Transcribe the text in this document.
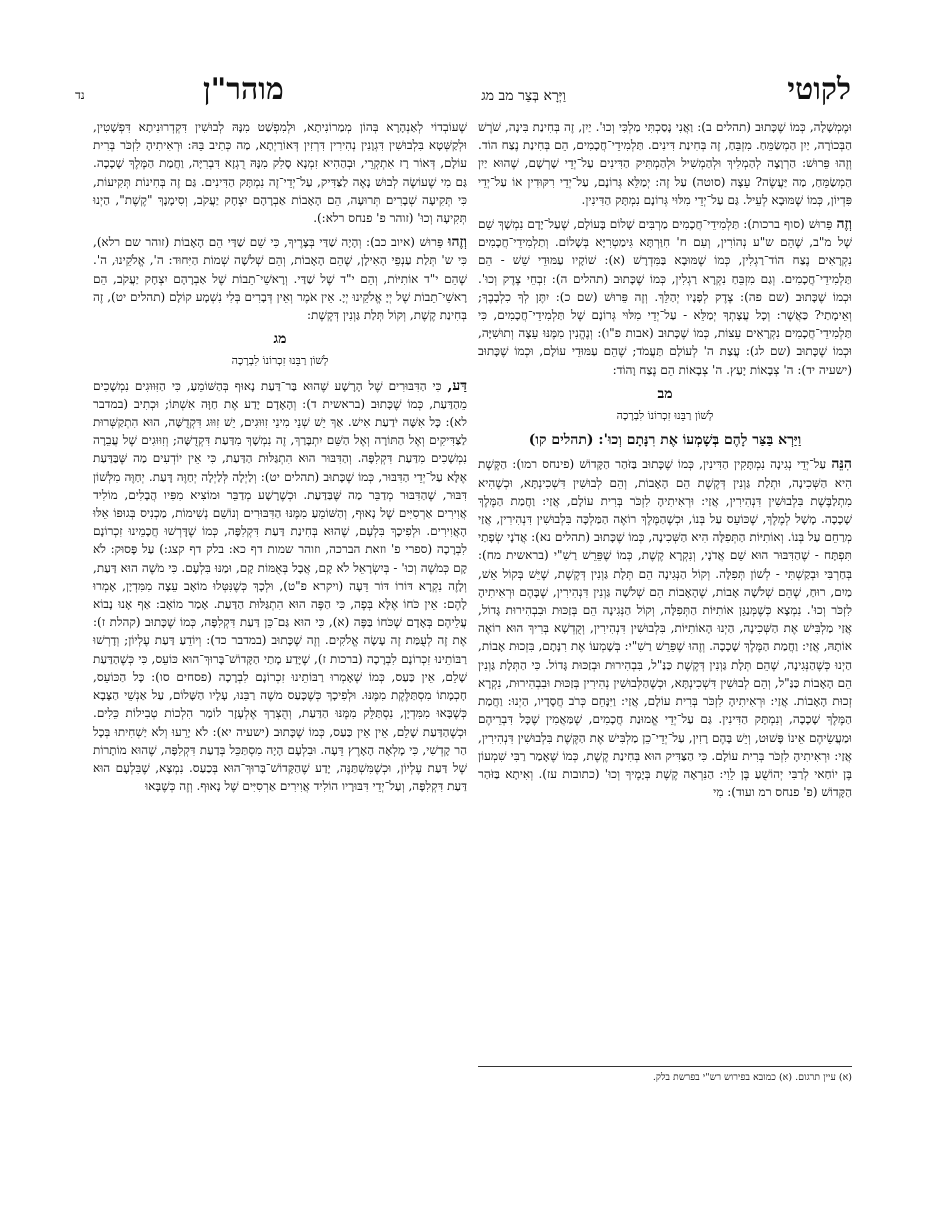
לקוטי
וַיְּרָא בְּצַר מב מג
מוהר"ן
נד

וּמֶמְשָׁלָה, כְּמוֹ שֶׁכָּתוּב (תהלים ב): וַאֲנִי נָסַכְתִּי מַלְכִּי וְכוּ'. יַיִן, זֶה בְּחִינַת בִּינָה, שֹׁרֶשׁ הַבְּכוֹרָה, יַיִן הַמְשַׂמֵּחַ. מִזְבֵּחַ, זֶה בְּחִינַת דִּינִים. תַּלְמִידֵי־חֲכָמִים, הֵם בְּחִינַת נֶצַח הוֹד. וְזֶהוּ פֵּרוּשׁ: הַרְוָצָה לְהַמְלִיךְ וּלְהַמְשִׁיל וּלְהַמְתִּיק הַדִּינִים עַל־יְדֵי שָׁרְשָׁם, שֶׁהוּא יַיִן הַמְשַׂמֵּחַ, מַה יַּעֲשֶׂה? עֵצָה (סוטה) עַל זֶה: יְמַלֵּא גְּרוֹנָם, עַל־יְדֵי רִקּוּדִין אוֹ עַל־יְדֵי פִּדְיוֹן, כְּמוֹ שֶׁמּוּבָא לְעֵיל. גַּם עַל־יְדֵי מִלּוּי גְּרוֹנָם נִמְתָּק הַדִּינִין.

וְזֶה פֵּרוּשׁ (סוף ברכות): תַּלְמִידֵי־חֲכָמִים מַרְבִּים שָׁלוֹם בָּעוֹלָם, שֶׁעַל־יָדָם נִמְשָׁךְ שֵׁם שֶׁל מ"ב, שֶׁהֵם ש"ע נְהוֹרִין, וְעִם ח' חִוַּרְתָּא גִּימַטְרִיָּא בְּשָׁלוֹם. וְתַלְמִידֵי־חֲכָמִים נִקְרָאִים נֶצַח הוֹד־רַגְלִין, כְּמוֹ שֶׁמּוּבָא בַּמִּדְרָשׁ (א): שׁוֹקָיו עַמּוּדֵי שֵׁשׁ - הֵם תַּלְמִידֵי־חֲכָמִים. וְגַם מִזְבֵּחַ נִקְרָא רַגְלִין, כְּמוֹ שֶׁכָּתוּב (תהלים ה): זִבְחֵי צֶדֶק וְכוּ'. וּכְמוֹ שֶׁכָּתוּב (שם פה): צֶדֶק לְפָנָיו יְהַלֵּךְ. וְזֶה פֵּרוּשׁ (שם כ): יִתֶּן לְךָ כִלְבָבֶךָ; וְאֵימָתַי? כַּאֲשֶׁר: וְכָל עֲצָתְךָ יְמַלֵּא - עַל־יְדֵי מִלּוּי גְּרוֹנָם שֶׁל תַּלְמִידֵי־חֲכָמִים, כִּי תַּלְמִידֵי־חֲכָמִים נִקְרָאִים עֵצוֹת, כְּמוֹ שֶׁכָּתוּב (אבות פ"ו): וְנֶהֱנִין מִמֶּנּוּ עֵצָה וְתוּשִׁיָּה, וּכְמוֹ שֶׁכָּתוּב (שם לג): עֲצַת ה' לְעוֹלָם תַּעֲמֹד; שֶׁהֵם עַמּוּדֵי עוֹלָם, וּכְמוֹ שֶׁכָּתוּב (ישעיה יד): ה' צְבָאוֹת יָעַץ. ה' צְבָאוֹת הֵם נֶצַח וָהוֹד:

מב

לְשׁוֹן רַבֵּנוּ זִכְרוֹנוֹ לִבְרָכָה

וַיַּרְא בַּצַּר לָהֶם בְּשָׁמְעוֹ אֶת רִנָּתָם וְכוּ': (תהלים קו)

הִנֵּה עַל־יְדֵי נְגִינָה נִמְתָּקִין הַדִּינִין, כְּמוֹ שֶׁכָּתוּב בַּזֹּהַר הַקָּדוֹשׁ (פינחס רמו): הַקֶּשֶׁת הִיא הַשְּׁכִינָה, וּתְלַת גַּוְנִין דְּקֶשֶׁת הֵם הָאָבוֹת, וְהֵם לְבוּשִׁין דִּשְׁכִינְתָּא, וּכְשֶׁהִיא מִתְלַבֶּשֶׁת בִּלְבוּשִׁין דִּנְהִירִין, אֲזַי: וּרְאִיתִיהָ לִזְכֹּר בְּרִית עוֹלָם, אֲזַי: וַחֲמַת הַמֶּלֶךְ שָׁכָכָה. מָשָׁל לְמֶלֶךְ, שֶׁכּוֹעֵס עַל בְּנוֹ, וּכְשֶׁהַמֶּלֶךְ רוֹאֶה הַמַּלְכָּה בִּלְבוּשִׁין דִּנְהִירִין, אֲזַי מְרַחֵם עַל בְּנוֹ. וְאוֹתִיּוֹת הַתְּפִלָּה הִיא הַשְּׁכִינָה, כְּמוֹ שֶׁכָּתוּב (תהלים נא): אֲדֹנָי שְׂפָתַי תִּפְתָּח - שֶׁהַדִּבּוּר הוּא שֵׁם אֲדֹנָי, וְנִקְרָא קֶשֶׁת, כְּמוֹ שֶׁפֵּרֵשׁ רַשִׁ"י (בראשית מח): בְּחַרְבִּי וּבְקַשְׁתִּי - לְשׁוֹן תְּפִלָּה. וְקוֹל הַנְּגִינָה הֵם תְּלָת גַּוְנִין דְּקֶשֶׁת, שֶׁיֵּשׁ בְּקוֹל אֵשׁ, מַיִם, רוּחַ, שֶׁהֵם שְׁלֹשָׁה אָבוֹת, שֶׁהָאָבוֹת הֵם שְׁלֹשָׁה גַּוְנִין דִּנְהִירִין, שֶׁבָּהֶם וּרְאִיתִיהָ לִזְכֹּר וְכוּ'. נִמְצָא כְּשֶׁמְּנַגֵּן אוֹתִיּוֹת הַתְּפִלָּה, וְקוֹל הַנְּגִינָה הֵם בְּזַכּוּת וּבִבְהִירוּת גָּדוֹל, אֲזַי מַלְבִּישׁ אֶת הַשְּׁכִינָה, הַיְנוּ הָאוֹתִיּוֹת, בִּלְבוּשִׁין דִּנְהִירִין, וְקֻדְשָׁא בְּרִיךְ הוּא רוֹאֶה אוֹתָהּ, אֲזַי: וַחֲמַת הַמֶּלֶךְ שָׁכָכָה. וְזֶהוּ שֶׁפֵּרֵשׁ רַשִׁ"י: בְּשָׁמְעוֹ אֶת רִנָּתָם, בִּזְכוּת אָבוֹת, הַיְנוּ כְּשֶׁהַנְּגִינָה, שֶׁהֵם תְּלָת גַּוְנִין דְּקֶשֶׁת כַּנַּ"ל, בִּבְהִירוּת וּבְזַכּוּת גָּדוֹל. כִּי הַתְּלָת גַּוְנִין הֵם הָאָבוֹת כַּנַּ"ל, וְהֵם לְבוּשִׁין דִּשְׁכִינְתָּא, וּכְשֶׁהַלְּבוּשִׁין נְהִירִין בְּזַכּוּת וּבִבְהִירוּת, נִקְרָא זְכוּת הָאָבוֹת. אֲזַי: וּרְאִיתִיהָ לִזְכֹּר בְּרִית עוֹלָם, אֲזַי: וַיִּנָּחֵם כְּרֹב חֲסָדָיו, הַיְנוּ: וַחֲמַת הַמֶּלֶךְ שָׁכָכָה, וְנִמְתָּק הַדִּינִין. גַּם עַל־יְדֵי אֱמוּנַת חֲכָמִים, שֶׁמַּאֲמִין שֶׁכָּל דִּבְרֵיהֶם וּמַעֲשֵׂיהֶם אֵינוֹ פָּשׁוּט, וְיֵשׁ בָּהֶם רָזִין, עַל־יְדֵי־כֵן מַלְבִּישׁ אֶת הַקֶּשֶׁת בִּלְבוּשִׁין דִּנְהִירִין, אֲזַי: וּרְאִיתִיהָ לִזְכֹּר בְּרִית עוֹלָם. כִּי הַצַּדִּיק הוּא בְּחִינַת קֶשֶׁת, כְּמוֹ שֶׁאָמַר רַבִּי שִׁמְעוֹן בֶּן יוֹחַאי לְרַבִּי יְהוֹשֻׁעַ בֶּן לֵוִי: הַנִּרְאָה קֶשֶׁת בְּיָמֶיךָ וְכוּ' (כתובות עז). וְאִיתָא בַּזֹּהַר הַקָּדוֹשׁ (פ' פנחס רמ ועוד): מִי

שֶׁעוֹבְדוֹי לְאַנְהָרָא בְּהוֹן מְמַרוֹנִיתָא, וּלְמִפְשַׁט מִנָּהּ לְבוּשִׁין דִּקְדְרוּנִיתָא דִּפְשָׁטִין, וּלְקַשְּׁטָא בִּלְבוּשִׁין דִּגְוָנִין נְהִירִין דִּרְזִין דְּאוֹרַיְתָא, מַה כְּתִיב בֵּהּ: וּרְאִיתִיהָ לִזְכֹּר בְּרִית עוֹלָם, דְּאוֹר רָז אִתְקְרֵי, וּבְהַהִיא זִמְנָא סָלִק מִנָּהּ רֻגְזָא דִּבְרִיָּה, וַחֲמַת הַמֶּלֶךְ שָׁכָכָה. גַּם מִי שֶׁעוֹשֶׂה לְבוּשׁ נָאֶה לַצַּדִּיק, עַל־יְדֵי־זֶה נִמְתָּק הַדִּינִים. גַּם זֶה בְּחִינוֹת תְּקִיעוֹת, כִּי תְּקִיעָה שְׁבָרִים תְּרוּעָה, הֵם הָאָבוֹת אַבְרָהָם יִצְחָק יַעֲקֹב, וְסִימָנָךְ "קֶשֶׁת", הַיְנוּ תְּקִיעָה וְכוּ' (זוהר פ' פנחס רלא:).

וְזֶהוּ פֵּרוּשׁ (איוב כב): וְהָיָה שַׁדַּי בְּצָרֶיךָ, כִּי שֵׁם שַׁדַּי הֵם הָאָבוֹת (זוהר שם רלא), כִּי ש' תְּלַת עַנְפֵי הָאִילָן, שֶׁהֵם הָאָבוֹת, וְהֵם שְׁלֹשָׁה שְׁמוֹת הַיִּחוּד: ה', אֱלֹקֵינוּ, ה'. שֶׁהֵם י"ד אוֹתִיּוֹת, וְהֵם י"ד שֶׁל שַׁדַּי. וְרָאשֵׁי־תֵבוֹת שֶׁל אַבְרָהָם יִצְחָק יַעֲקֹב, הֵם רָאשֵׁי־תֵבוֹת שֶׁל יְיָ אֱלֹקֵינוּ יְיָ. אֵין אֹמֶר וְאֵין דְּבָרִים בְּלִי נִשְׁמָע קוֹלָם (תהלים יט), זֶה בְּחִינַת קֶשֶׁת, וְקוֹל תְּלַת גַּוְנִין דְּקֶשֶׁת:

מג

לְשׁוֹן רַבֵּנוּ זִכְרוֹנוֹ לִבְרָכָה

דַּע, כִּי הַדִּבּוּרִים שֶׁל הָרָשָׁע שֶׁהוּא בַּר־דַּעַת נָאוּף בְּהַשּׁוֹמֵעַ, כִּי הַזִּוּוּגִים נִמְשָׁכִים מֵהַדַּעַת, כְּמוֹ שֶׁכָּתוּב (בראשית ד): וְהָאָדָם יָדַע אֶת חַוָּה אִשְׁתּוֹ; וּכְתִיב (במדבר לא): כָּל אִשָּׁה יֹדַעַת אִישׁ. אַךְ יֵשׁ שְׁנֵי מִינֵי זִוּוּגִים, יֵשׁ זִוּוּג דִּקְדֻשָּׁה, הוּא הִתְקַשְּׁרוּת לַצַּדִּיקִים וְאֶל הַתּוֹרָה וְאֶל הַשֵּׁם יִתְבָּרַךְ, זֶה נִמְשָׁךְ מִדַּעַת דִּקְדֻשָּׁה; וְזִוּוּגִים שֶׁל עֲבֵרָה נִמְשָׁכִים מִדַּעַת דִּקְלִפָּה. וְהַדִּבּוּר הוּא הִתְגַּלּוּת הַדַּעַת, כִּי אֵין יוֹדְעִים מַה שֶּׁבַּדַּעַת אֶלָּא עַל־יְדֵי הַדִּבּוּר, כְּמוֹ שֶׁכָּתוּב (תהלים יט): וְלַיְלָה לְּלַיְלָה יְחַוֶּה דָּעַת. יְחַוֶּה מִלְּשׁוֹן דִּבּוּר, שֶׁהַדִּבּוּר מְדַבֵּר מַה שֶּׁבַּדַּעַת. וּכְשֶׁרָשָׁע מְדַבֵּר וּמוֹצִיא מִפִּיו הֲבָלִים, מוֹלִיד אֲוִירִים אַרְסִיִּים שֶׁל נָאוּף, וְהַשּׁוֹמֵעַ מִמֶּנּוּ הַדִּבּוּרִים וְנוֹשֵׁם נְשִׁימוֹת, מַכְנִיס בְּגוּפוֹ אֵלּוּ הָאֲוִירִים. וּלְפִיכָךְ בִּלְעָם, שֶׁהוּא בְּחִינַת דַּעַת דִּקְלִפָּה, כְּמוֹ שֶׁדָּרְשׁוּ חֲכָמֵינוּ זִכְרוֹנָם לִבְרָכָה (ספרי פ' וזאת הברכה, וזוהר שמות דף כא: בלק דף קצג:) עַל פָּסוּק: לֹא קָם כְּמֹשֶׁה וְכוּ' - בְּיִשְׂרָאֵל לֹא קָם, אֲבָל בְּאֻמּוֹת קָם, וּמַנּוּ בִּלְעָם. כִּי מֹשֶׁה הוּא דַּעַת, וְלָזֶה נִקְרָא דּוֹרוֹ דּוֹר דֵּעָה (ויקרא פ"ט), וּלְכָךְ כְּשֶׁנִּטְּלוּ מוֹאָב עֵצָה מִמִּדְיָן, אָמְרוּ לָהֶם: אֵין כֹּחוֹ אֶלָּא בְּפֶה, כִּי הַפֶּה הוּא הִתְגַּלּוּת הַדַּעַת. אָמַר מוֹאָב: אַף אָנוּ נָבוֹא עֲלֵיהֶם בְּאָדָם שֶׁכֹּחוֹ בַּפֶּה (א), כִּי הוּא גַּם־כֵּן דַּעַת דִּקְלִפָּה, כְּמוֹ שֶׁכָּתוּב (קהלת ז): אֶת זֶה לְעֻמַּת זֶה עָשָׂה אֱלֹקִים. וְזֶה שֶׁכָּתוּב (במדבר כד): וְיוֹדֵעַ דַּעַת עֶלְיוֹן; וְדָרְשׁוּ רַבּוֹתֵינוּ זִכְרוֹנָם לִבְרָכָה (ברכות ז), שֶׁיָּדַע מָתַי הַקָּדוֹשׁ־בָּרוּךְ־הוּא כּוֹעֵס, כִּי כְּשֶׁהַדַּעַת שָׁלֵם, אֵין כַּעַס, כְּמוֹ שֶׁאָמְרוּ רַבּוֹתֵינוּ זִכְרוֹנָם לִבְרָכָה (פסחים סו): כָּל הַכּוֹעֵס, חָכְמָתוֹ מִסְתַּלֶּקֶת מִמֶּנּוּ. וּלְפִיכָךְ כְּשֶׁכָּעַס משֶׁה רַבֵּנוּ, עָלָיו הַשָּׁלוֹם, עַל אַנְשֵׁי הַצָּבָא כְּשֶׁבָּאוּ מִמִּדְיָן, נִסְתַּלֵּק מִמֶּנּוּ הַדַּעַת, וְהֻצְרַךְ אֶלְעָזָר לוֹמַר הִלְכוֹת טְבִילוֹת כֵּלִים. וּכְשֶׁהַדַּעַת שָׁלֵם, אֵין אֵין כַּעַס, כְּמוֹ שֶׁכָּתוּב (ישעיה יא): לֹא יָרֵעוּ וְלֹא יַשְׁחִיתוּ בְּכָל הַר קָדְשִׁי, כִּי מָלְאָה הָאָרֶץ דֵּעָה. וּבִלְעָם הָיָה מִסְתַּכֵּל בְּדַעַת דִּקְלִפָּה, שֶׁהוּא מוֹתָרוֹת שֶׁל דַּעַת עֶלְיוֹן, וּכְשֶׁמִּשְׁתַּנֶּה, יָדַע שֶׁהַקָּדוֹשׁ־בָּרוּךְ־הוּא בְּכַעַס. נִמְצָא, שֶׁבִּלְעָם הוּא דַּעַת דִּקְלִפָּה, וְעַל־יְדֵי דִּבּוּרָיו הוֹלִיד אֲוִירִים אַרְסִיִּים שֶׁל נָאוּף. וְזֶה כְּשֶׁבָּאוּ

(א) עיין תרגום. (א) כמובא בפירוש רש"י בפרשת בלק.
